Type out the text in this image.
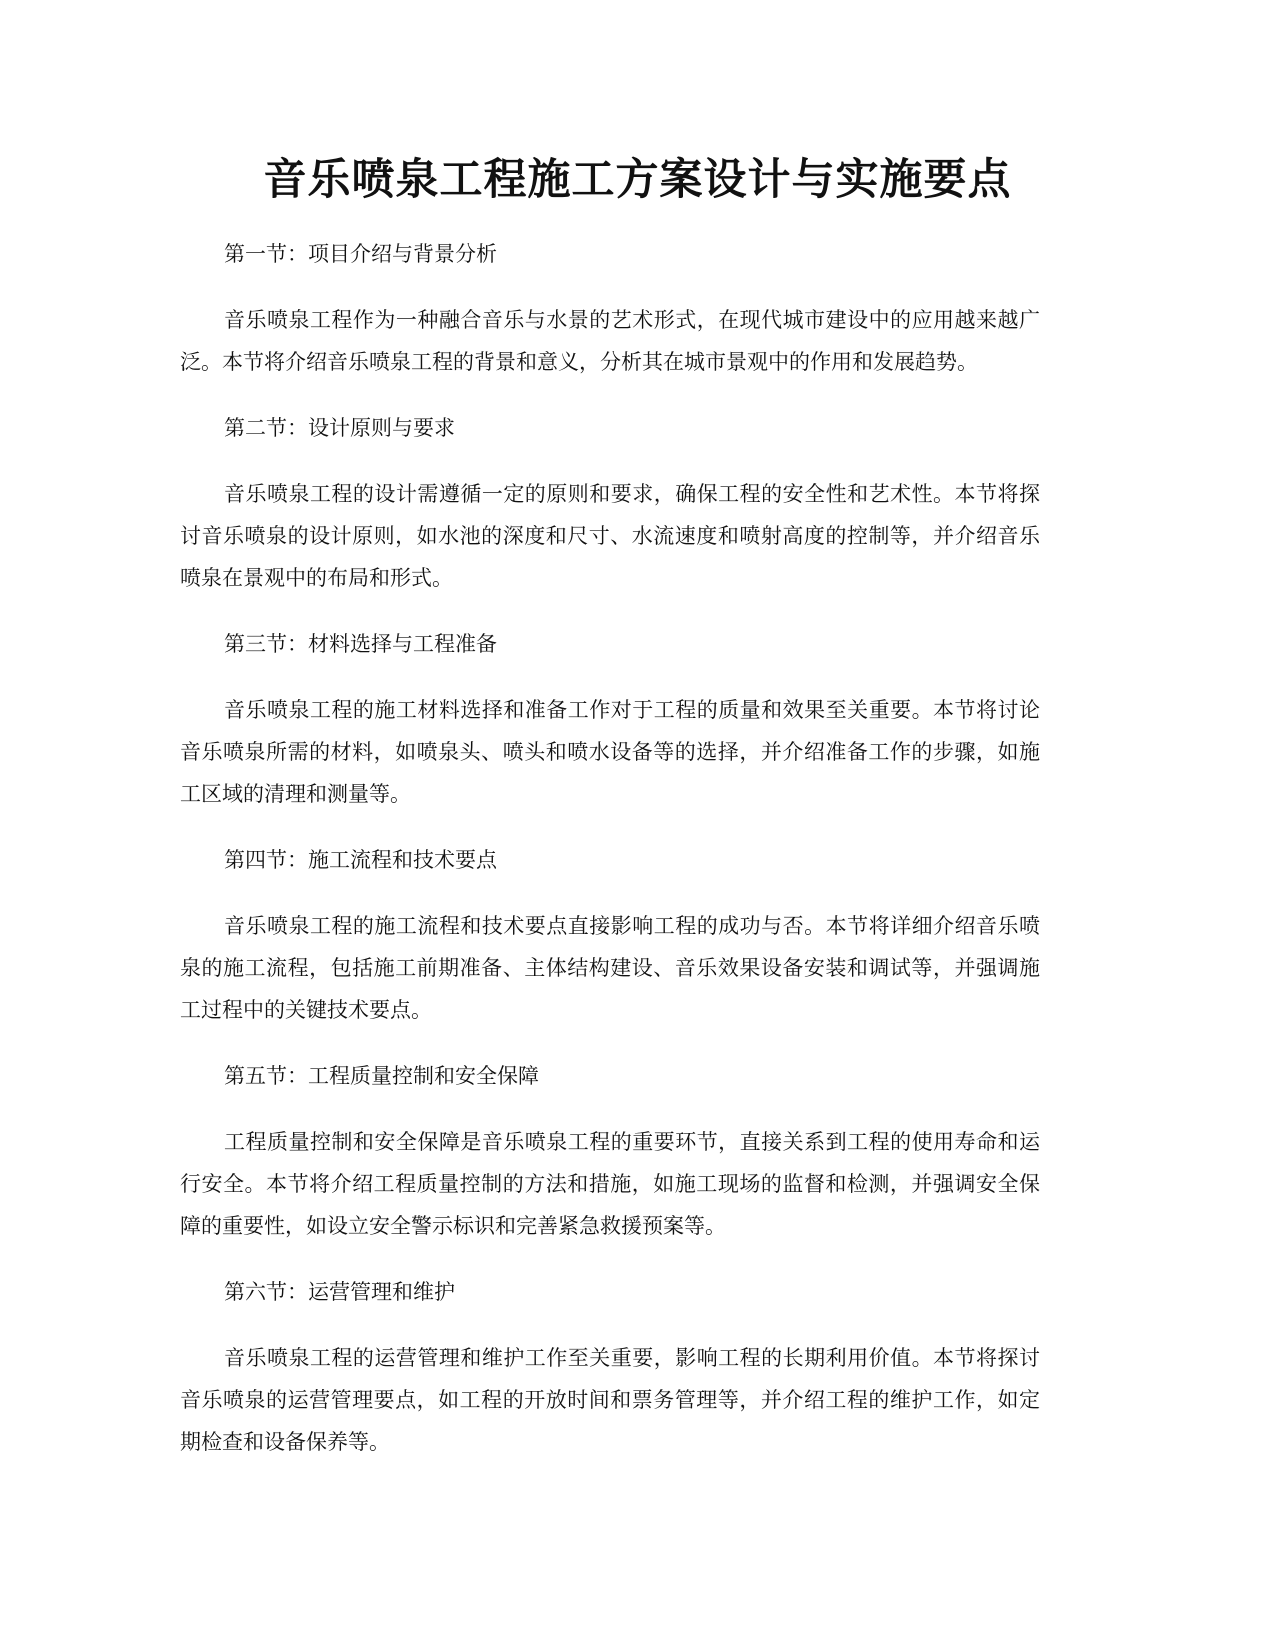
音乐喷泉工程施工方案设计与实施要点

第一节：项目介绍与背景分析

音乐喷泉工程作为一种融合音乐与水景的艺术形式，在现代城市建设中的应用越来越广泛。本节将介绍音乐喷泉工程的背景和意义，分析其在城市景观中的作用和发展趋势。

第二节：设计原则与要求

音乐喷泉工程的设计需遵循一定的原则和要求，确保工程的安全性和艺术性。本节将探讨音乐喷泉的设计原则，如水池的深度和尺寸、水流速度和喷射高度的控制等，并介绍音乐喷泉在景观中的布局和形式。

第三节：材料选择与工程准备

音乐喷泉工程的施工材料选择和准备工作对于工程的质量和效果至关重要。本节将讨论音乐喷泉所需的材料，如喷泉头、喷头和喷水设备等的选择，并介绍准备工作的步骤，如施工区域的清理和测量等。

第四节：施工流程和技术要点

音乐喷泉工程的施工流程和技术要点直接影响工程的成功与否。本节将详细介绍音乐喷泉的施工流程，包括施工前期准备、主体结构建设、音乐效果设备安装和调试等，并强调施工过程中的关键技术要点。

第五节：工程质量控制和安全保障

工程质量控制和安全保障是音乐喷泉工程的重要环节，直接关系到工程的使用寿命和运行安全。本节将介绍工程质量控制的方法和措施，如施工现场的监督和检测，并强调安全保障的重要性，如设立安全警示标识和完善紧急救援预案等。

第六节：运营管理和维护

音乐喷泉工程的运营管理和维护工作至关重要，影响工程的长期利用价值。本节将探讨音乐喷泉的运营管理要点，如工程的开放时间和票务管理等，并介绍工程的维护工作，如定期检查和设备保养等。
